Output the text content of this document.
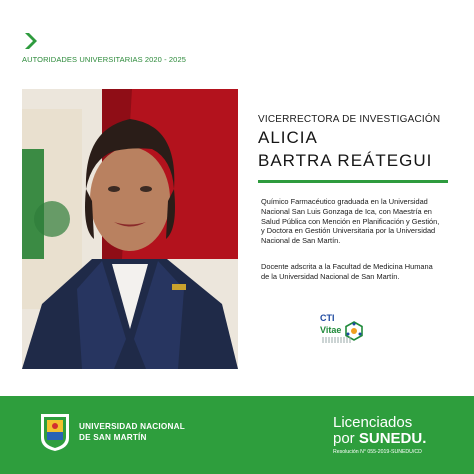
AUTORIDADES UNIVERSITARIAS 2020 - 2025
VICERRECTORA DE INVESTIGACIÓN
ALICIA
BARTRA REÁTEGUI

Químico Farmacéutico graduada en la Universidad Nacional San Luis Gonzaga de Ica, con Maestría en Salud Pública con Mención en Planificación y Gestión, y Doctora en Gestión Universitaria por la Universidad Nacional de San Martín.

Docente adscrita a la Facultad de Medicina Humana de la Universidad Nacional de San Martín.

CTI
Vitae
UNIVERSIDAD NACIONAL
DE SAN MARTÍN
Licenciados
por SUNEDU.
Resolución N° 055-2019-SUNEDU/CD
